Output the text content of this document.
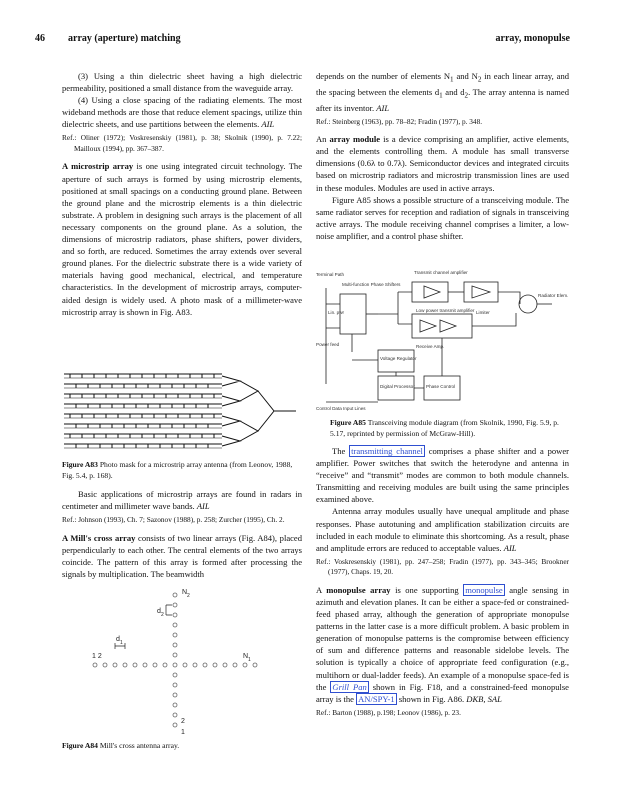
46 array (aperture) matching	array, monopulse

(3) Using a thin dielectric sheet having a high dielectric permeability, positioned a small distance from the waveguide array.

(4) Using a close spacing of the radiating elements. The most wideband methods are those that reduce element spacings, utilize thin dielectric sheets, and use partitions between the elements. AIL

Ref.: Oliner (1972); Voskresenskiy (1981), p. 38; Skolnik (1990), p. 7.22; Mailloux (1994), pp. 367–387.

A microstrip array is one using integrated circuit technology. The aperture of such arrays is formed by using microstrip elements, positioned at small spacings on a conducting ground plane. Between the ground plane and the microstrip elements is a thin dielectric substrate. A problem in designing such arrays is the placement of all necessary components on the ground plane. As a solution, the dimensions of microstrip radiators, phase shifters, power dividers, and so forth, are reduced. Sometimes the array extends over several ground planes. For the dielectric substrate there is a wide variety of materials having good mechanical, electrical, and temperature characteristics. In the development of microstrip arrays, computer-aided design is widely used. A photo mask of a millimeter-wave microstrip array is shown in Fig. A83.

Figure A83 Photo mask for a microstrip array antenna (from Leonov, 1988, Fig. 5.4, p. 168).

Basic applications of microstrip arrays are found in radars in centimeter and millimeter wave bands. AIL

Ref.: Johnson (1993), Ch. 7; Sazonov (1988), p. 258; Zurcher (1995), Ch. 2.

A Mill's cross array consists of two linear arrays (Fig. A84), placed perpendicularly to each other. The central elements of the two arrays coincide. The pattern of this array is formed after processing the signals by multiplication. The beamwidth

N 2
d 2
d 1
1 2	N 1
2
1
Figure A84 Mill's cross antenna array.

depends on the number of elements $N_1$ and $N_2$ in each linear array, and the spacing between the elements $d_1$ and $d_2$. The array antenna is named after its inventor. AIL

Ref.: Steinberg (1963), pp. 78–82; Fradin (1977), p. 348.

An array module is a device comprising an amplifier, active elements, and the elements controlling them. A module has small transverse dimensions (0.6λ to 0.7λ). Semiconductor devices and integrated circuits based on microstrip radiators and microstrip transmission lines are used in these modules. Modules are used in active arrays.

Figure A85 shows a possible structure of a transceiving module. The same radiator serves for reception and radiation of signals in transceiving active arrays. The module receiving channel comprises a limiter, a low-noise amplifier, and a control phase shifter.

Transmit channel amplifier
Terminal Path
Multi-function Phase Shifters
Lin. pwr	Low power transmit amplifier Limiter
Radiator Elem.
Receive Amp.
Power feed
Voltage Regulator
Digital Processor Phase Control
Control Data Input Lines
Figure A85 Transceiving module diagram (from Skolnik, 1990, Fig. 5.9, p. 5.17, reprinted by permission of McGraw-Hill).

The transmitting channel comprises a phase shifter and a power amplifier. Power switches that switch the heterodyne and antenna in “receive” and “transmit” modes are common to both module channels. Transmitting and receiving modules are built using the same principles examined above.

Antenna array modules usually have unequal amplitude and phase responses. Phase autotuning and amplification stabilization circuits are included in each module to eliminate this shortcoming. As a result, phase and amplitude errors are reduced to acceptable values. AIL

Ref.: Voskresenskiy (1981), pp. 247–258; Fradin (1977), pp. 343–345; Brookner (1977), Chaps. 19, 20.

A monopulse array is one supporting monopulse angle sensing in azimuth and elevation planes. It can be either a space-fed or constrained-feed phased array, although the generation of appropriate monopulse patterns in the latter case is a more difficult problem. A basic problem in generation of monopulse patterns is the compromise between efficiency of sum and difference patterns and reasonable sidelobe levels. The solution is typically a choice of appropriate feed configuration (e.g., multihorn or dual-ladder feeds). An example of a monopulse space-fed is the Grill Pan shown in Fig. F18, and a constrained-feed monopulse array is the AN/SPY-1 shown in Fig. A86. DKB, SAL

Ref.: Barton (1988), p.198; Leonov (1986), p. 23.
